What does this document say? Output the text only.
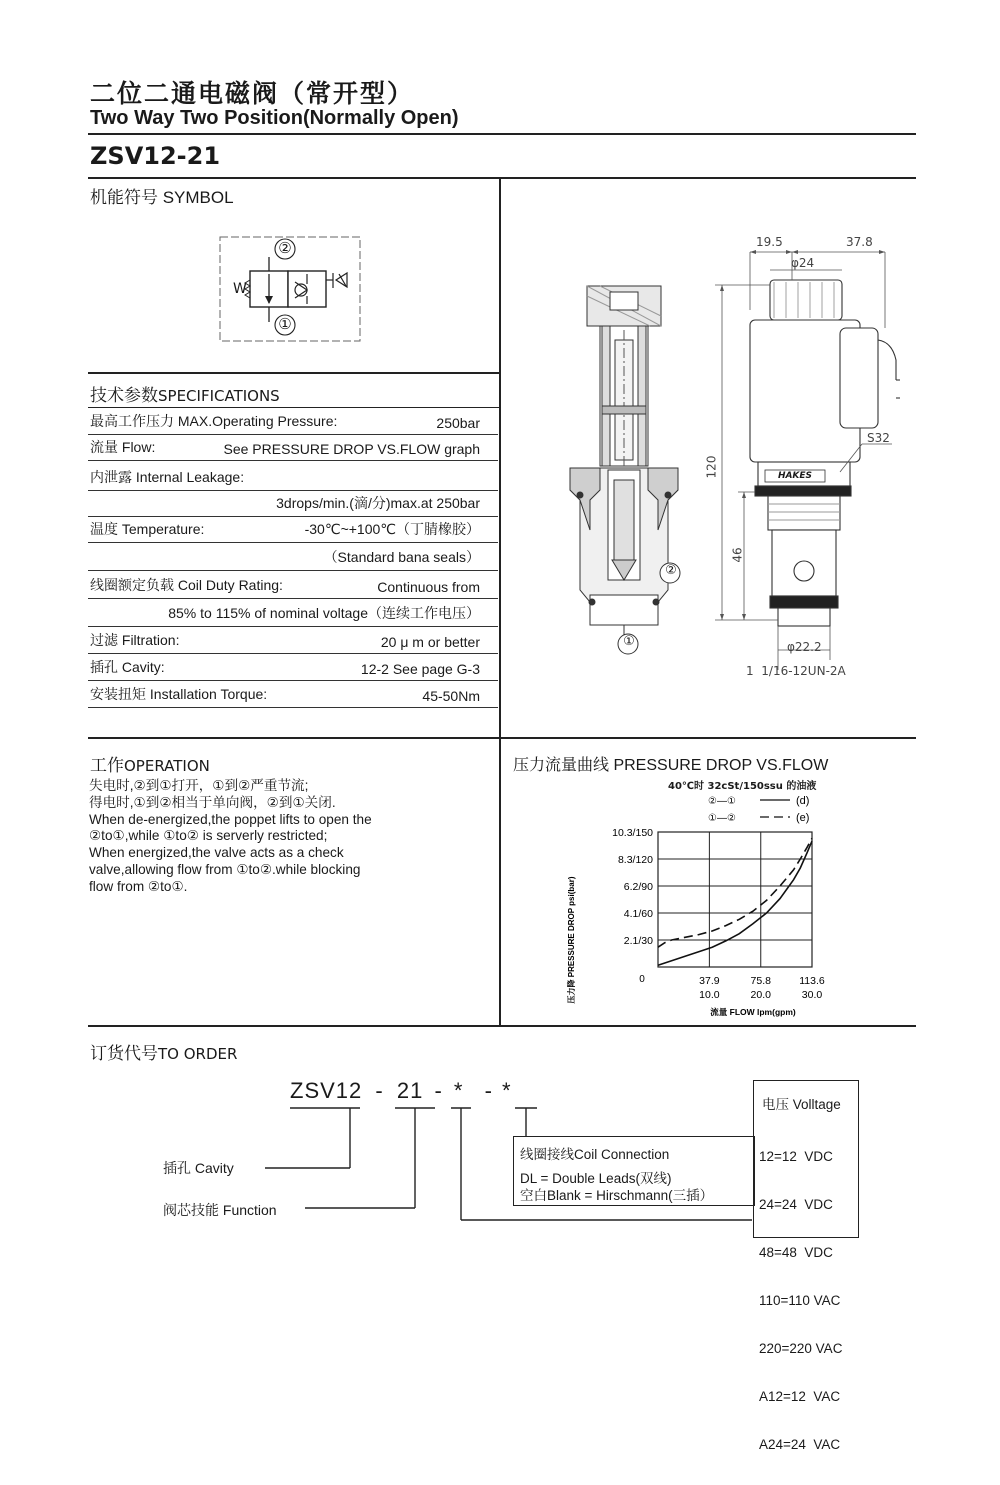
二位二通电磁阀（常开型）
Two Way Two Position(Normally Open)
ZSV12-21
机能符号 SYMBOL
②
①
W
技术参数SPECIFICATIONS
最高工作压力 MAX.Operating Pressure:	250bar
流量 Flow:	See PRESSURE DROP VS.FLOW graph
内泄露 Internal Leakage:
3drops/min.(滴/分)max.at 250bar
温度 Temperature:	-30℃~+100℃（丁腈橡胶）
（Standard bana seals）
线圈额定负载 Coil Duty Rating:	Continuous from
85% to 115% of nominal voltage（连续工作电压）
过滤 Filtration:	20 μ m or better
插孔 Cavity:	12-2 See page G-3
安装扭矩 Installation Torque:	45-50Nm
19.5	37.8
φ24
120
46
S32
φ22.2
1  1/16-12UN-2A
HAKES
②
①
工作OPERATION
失电时,②到①打开，①到②严重节流;
得电时,①到②相当于单向阀，②到①关闭.
When de-energized,the poppet lifts to open the
②to①,while ①to② is serverly restricted;
When energized,the valve acts as a check
valve,allowing flow from ①to②.while blocking
flow from ②to①.
压力流量曲线 PRESSURE DROP VS.FLOW
40℃时 32cSt/150ssu 的油液
压力降 PRESSURE DROP psi(bar)
流量 FLOW lpm(gpm)
0
②—①	(d)
①—②	(e)
37.9
10.0
75.8
20.0
113.6
30.0
2.1/30
4.1/60
6.2/90
8.3/120
10.3/150
订货代号TO ORDER
ZSV12 - 21 - * - *
插孔 Cavity
阀芯技能 Function
线圈接线Coil Connection
DL = Double Leads(双线)
空白Blank = Hirschmann(三插）
电压 Volltage

12=12  VDC

24=24  VDC

48=48  VDC

110=110 VAC

220=220 VAC

A12=12  VAC

A24=24  VAC
